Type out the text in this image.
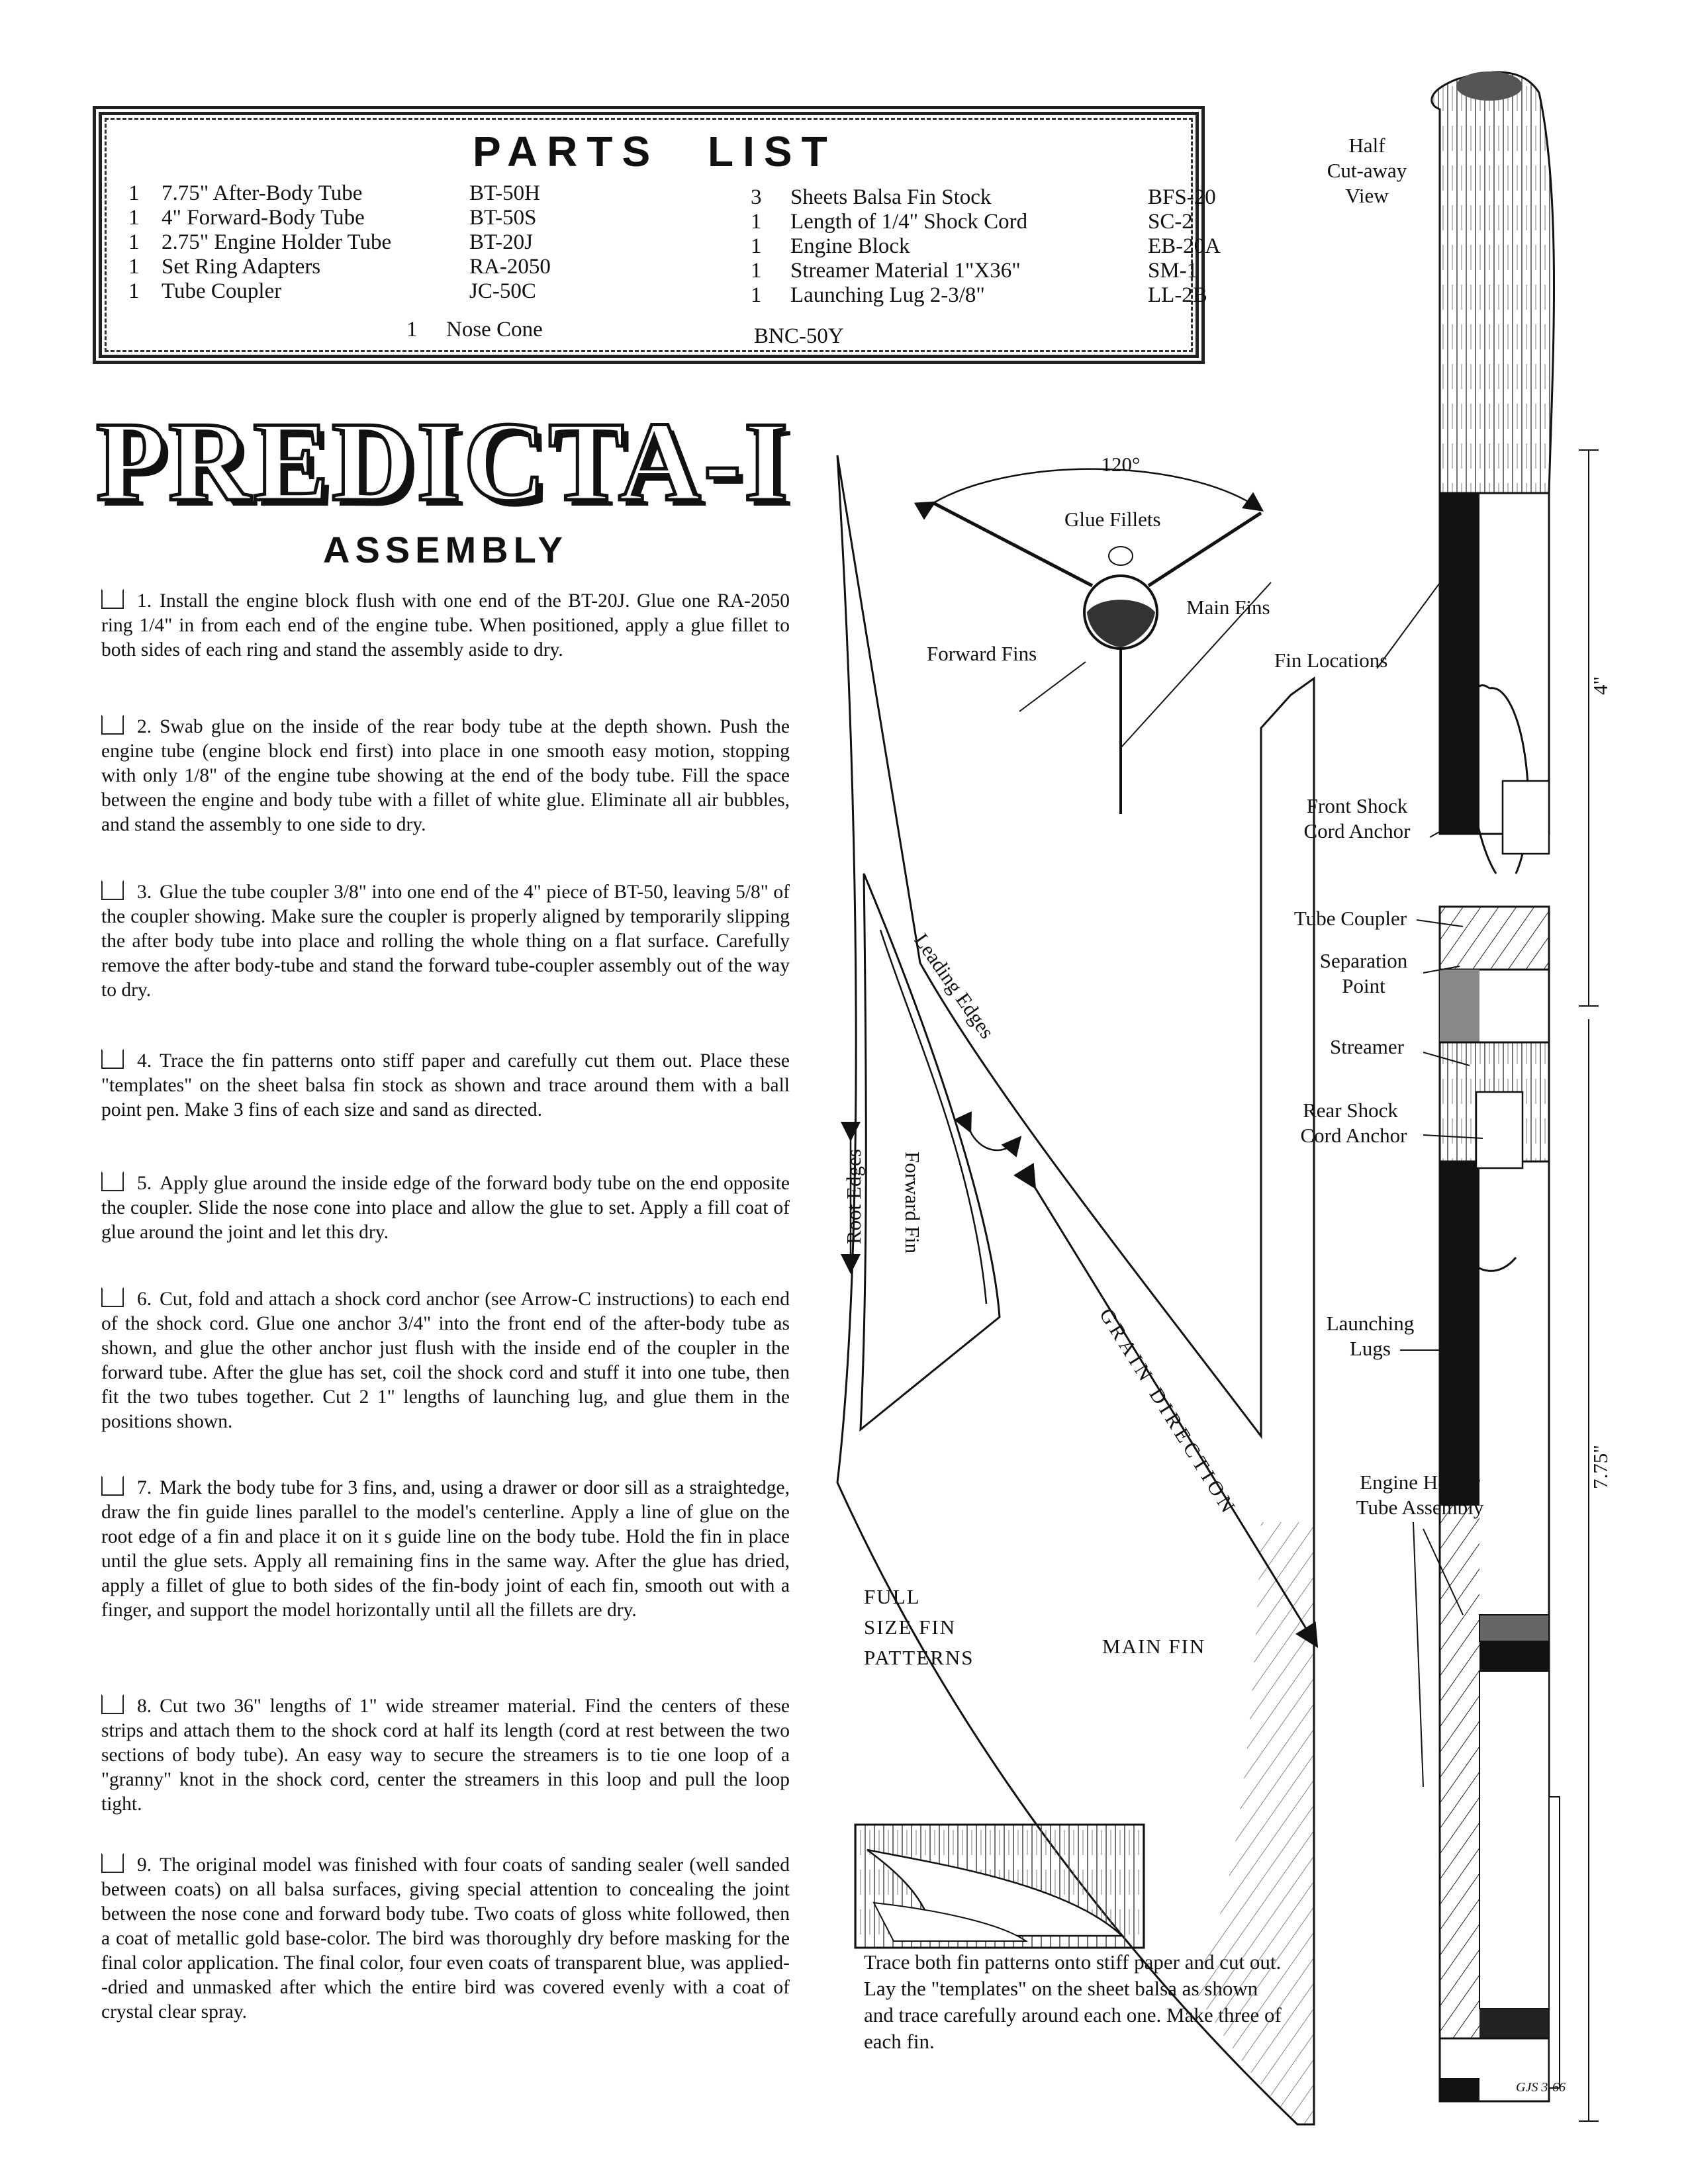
PARTS LIST
1 7.75" After-Body Tube	BT-50H
1 4" Forward-Body Tube	BT-50S
1 2.75" Engine Holder Tube	BT-20J
1 Set Ring Adapters	RA-2050
1 Tube Coupler	JC-50C
3 Sheets Balsa Fin Stock	BFS-20
1 Length of 1/4" Shock Cord	SC-2
1 Engine Block	EB-20A
1 Streamer Material 1"X36"	SM-1
1 Launching Lug 2-3/8"	LL-2B
1 Nose Cone	BNC-50Y
PREDICTA-I
ASSEMBLY
1. Install the engine block flush with one end of the BT-20J. Glue one RA-2050 ring 1/4" in from each end of the engine tube. When positioned, apply a glue fillet to both sides of each ring and stand the assembly aside to dry.
2. Swab glue on the inside of the rear body tube at the depth shown. Push the engine tube (engine block end first) into place in one smooth easy motion, stopping with only 1/8" of the engine tube showing at the end of the body tube. Fill the space between the engine and body tube with a fillet of white glue. Eliminate all air bubbles, and stand the assembly to one side to dry.
3. Glue the tube coupler 3/8" into one end of the 4" piece of BT-50, leaving 5/8" of the coupler showing. Make sure the coupler is properly aligned by temporarily slipping the after body tube into place and rolling the whole thing on a flat surface. Carefully remove the after body-tube and stand the forward tube-coupler assembly out of the way to dry.
4. Trace the fin patterns onto stiff paper and carefully cut them out. Place these "templates" on the sheet balsa fin stock as shown and trace around them with a ball point pen. Make 3 fins of each size and sand as directed.
5. Apply glue around the inside edge of the forward body tube on the end opposite the coupler. Slide the nose cone into place and allow the glue to set. Apply a fill coat of glue around the joint and let this dry.
6. Cut, fold and attach a shock cord anchor (see Arrow-C instructions) to each end of the shock cord. Glue one anchor 3/4" into the front end of the after-body tube as shown, and glue the other anchor just flush with the inside end of the coupler in the forward tube. After the glue has set, coil the shock cord and stuff it into one tube, then fit the two tubes together. Cut 2 1" lengths of launching lug, and glue them in the positions shown.
7. Mark the body tube for 3 fins, and, using a drawer or door sill as a straightedge, draw the fin guide lines parallel to the model's centerline. Apply a line of glue on the root edge of a fin and place it on it s guide line on the body tube. Hold the fin in place until the glue sets. Apply all remaining fins in the same way. After the glue has dried, apply a fillet of glue to both sides of the fin-body joint of each fin, smooth out with a finger, and support the model horizontally until all the fillets are dry.
8. Cut two 36" lengths of 1" wide streamer material. Find the centers of these strips and attach them to the shock cord at half its length (cord at rest between the two sections of body tube). An easy way to secure the streamers is to tie one loop of a "granny" knot in the shock cord, center the streamers in this loop and pull the loop tight.
9. The original model was finished with four coats of sanding sealer (well sanded between coats) on all balsa surfaces, giving special attention to concealing the joint between the nose cone and forward body tube. Two coats of gloss white followed, then a coat of metallic gold base-color. The bird was thoroughly dry before masking for the final color application. The final color, four even coats of transparent blue, was applied--dried and unmasked after which the entire bird was covered evenly with a coat of crystal clear spray.
120°
Glue Fillets
Main Fins
Forward Fins	Fin Locations
Leading Edges
Root Edges Forward Fin
GRAIN DIRECTION
Half
Cut-away
View
Front Shock
Cord Anchor
Tube Coupler
Separation
Point
Streamer
Rear Shock
Cord Anchor
Launching
Lugs
Engine Holder
Tube Assembly
4"
7.75"
FULL
SIZE FIN
PATTERNS	MAIN FIN
Trace both fin patterns onto stiff paper and cut out. Lay the "templates" on the sheet balsa as shown and trace carefully around each one. Make three of each fin.
GJS 3-66
